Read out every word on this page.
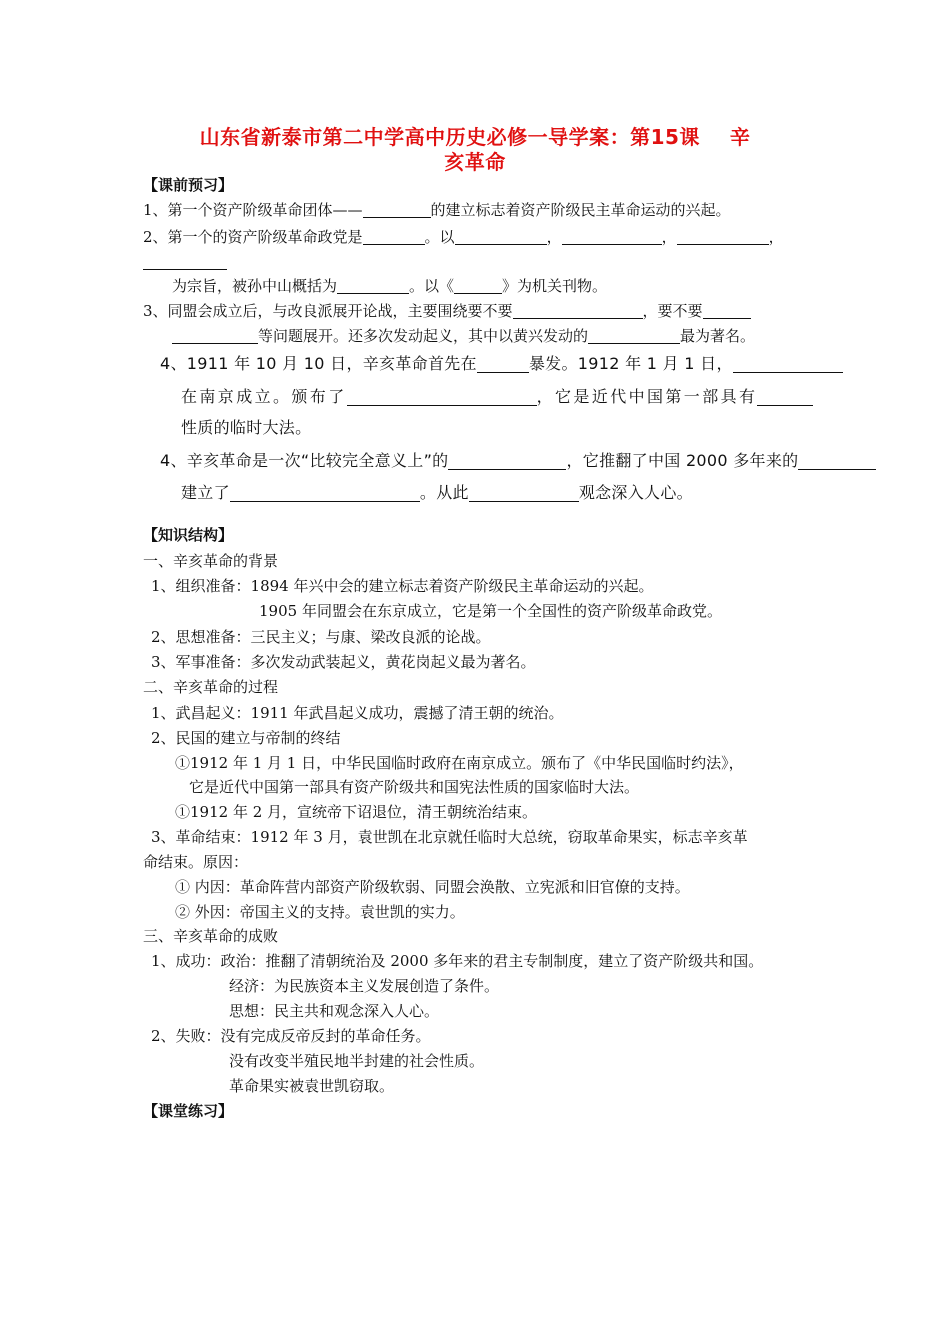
山东省新泰市第二中学高中历史必修一导学案：第15课 辛
亥革命
【课前预习】
1、第一个资产阶级革命团体——	的建立标志着资产阶级民主革命运动的兴起。
2、第一个的资产阶级革命政党是	。以	，	，	，
为宗旨，被孙中山概括为	。以《	》为机关刊物。
3、同盟会成立后，与改良派展开论战，主要围绕要不要	，要不要
等问题展开。还多次发动起义，其中以黄兴发动的	最为著名。
4、1911 年 10 月 10 日，辛亥革命首先在	暴发。1912 年 1 月 1 日，
在南京成立。颁布了	，它是近代中国第一部具有
性质的临时大法。
4、辛亥革命是一次“比较完全意义上”的	，它推翻了中国 2000 多年来的
建立了	。从此	观念深入人心。
【知识结构】
一、辛亥革命的背景
1、组织准备：1894 年兴中会的建立标志着资产阶级民主革命运动的兴起。
1905 年同盟会在东京成立，它是第一个全国性的资产阶级革命政党。
2、思想准备：三民主义；与康、梁改良派的论战。
3、军事准备：多次发动武装起义，黄花岗起义最为著名。
二、辛亥革命的过程
1、武昌起义：1911 年武昌起义成功，震撼了清王朝的统治。
2、民国的建立与帝制的终结
①1912 年 1 月 1 日，中华民国临时政府在南京成立。颁布了《中华民国临时约法》，
它是近代中国第一部具有资产阶级共和国宪法性质的国家临时大法。
①1912 年 2 月，宣统帝下诏退位，清王朝统治结束。
3、革命结束：1912 年 3 月，袁世凯在北京就任临时大总统，窃取革命果实，标志辛亥革
命结束。原因：
① 内因：革命阵营内部资产阶级软弱、同盟会涣散、立宪派和旧官僚的支持。
② 外因：帝国主义的支持。袁世凯的实力。
三、辛亥革命的成败
1、成功：政治：推翻了清朝统治及 2000 多年来的君主专制制度，建立了资产阶级共和国。
经济：为民族资本主义发展创造了条件。
思想：民主共和观念深入人心。
2、失败：没有完成反帝反封的革命任务。
没有改变半殖民地半封建的社会性质。
革命果实被袁世凯窃取。
【课堂练习】
